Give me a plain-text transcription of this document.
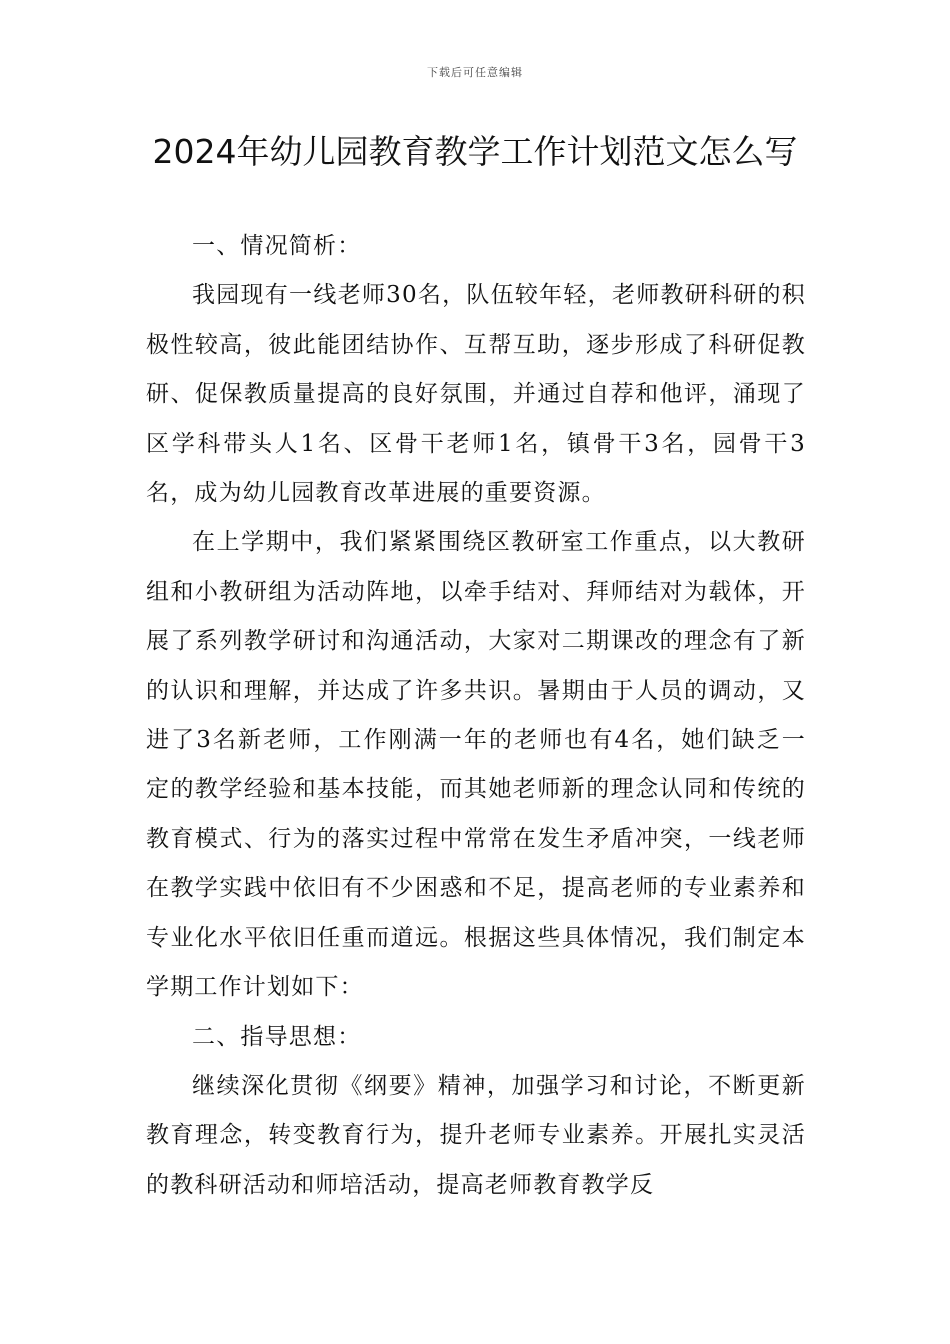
下载后可任意编辑
2024年幼儿园教育教学工作计划范文怎么写

一、情况简析：

我园现有一线老师30名，队伍较年轻，老师教研科研的积极性较高，彼此能团结协作、互帮互助，逐步形成了科研促教研、促保教质量提高的良好氛围，并通过自荐和他评，涌现了区学科带头人1名、区骨干老师1名，镇骨干3名，园骨干3名，成为幼儿园教育改革进展的重要资源。

在上学期中，我们紧紧围绕区教研室工作重点，以大教研组和小教研组为活动阵地，以牵手结对、拜师结对为载体，开展了系列教学研讨和沟通活动，大家对二期课改的理念有了新的认识和理解，并达成了许多共识。暑期由于人员的调动，又进了3名新老师，工作刚满一年的老师也有4名，她们缺乏一定的教学经验和基本技能，而其她老师新的理念认同和传统的教育模式、行为的落实过程中常常在发生矛盾冲突，一线老师在教学实践中依旧有不少困惑和不足，提高老师的专业素养和专业化水平依旧任重而道远。根据这些具体情况，我们制定本学期工作计划如下：

二、指导思想：

继续深化贯彻《纲要》精神，加强学习和讨论，不断更新教育理念，转变教育行为，提升老师专业素养。开展扎实灵活的教科研活动和师培活动，提高老师教育教学反
